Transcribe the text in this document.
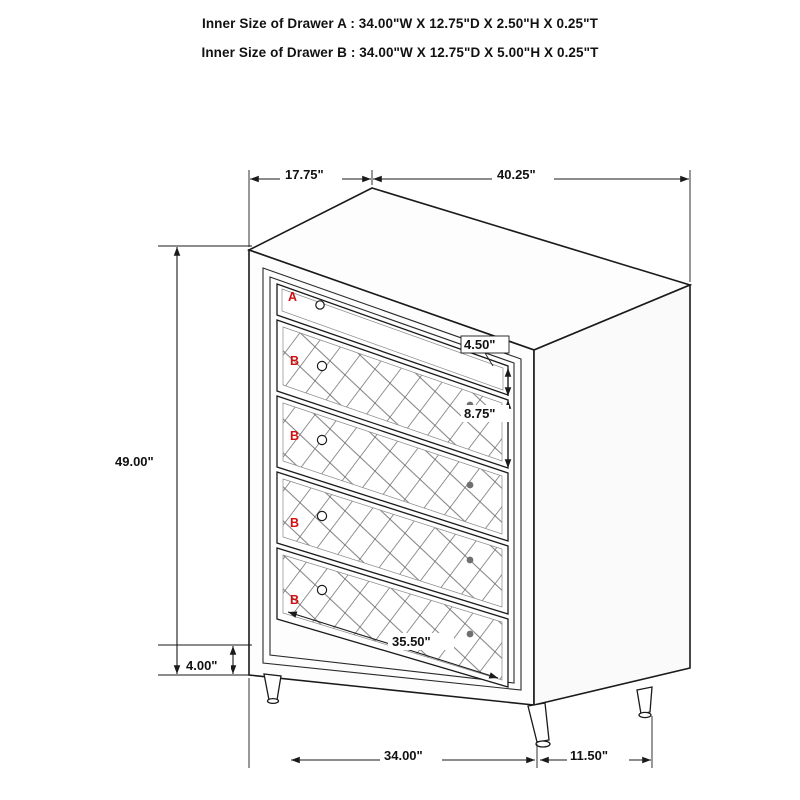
Inner Size of Drawer A : 34.00"W X 12.75"D X 2.50"H X 0.25"T
Inner Size of Drawer B : 34.00"W X 12.75"D X 5.00"H X 0.25"T
A
B
B
B
B
17.75"	40.25"
49.00"
4.00"
4.50"
8.75"
35.50"
34.00"	11.50"
